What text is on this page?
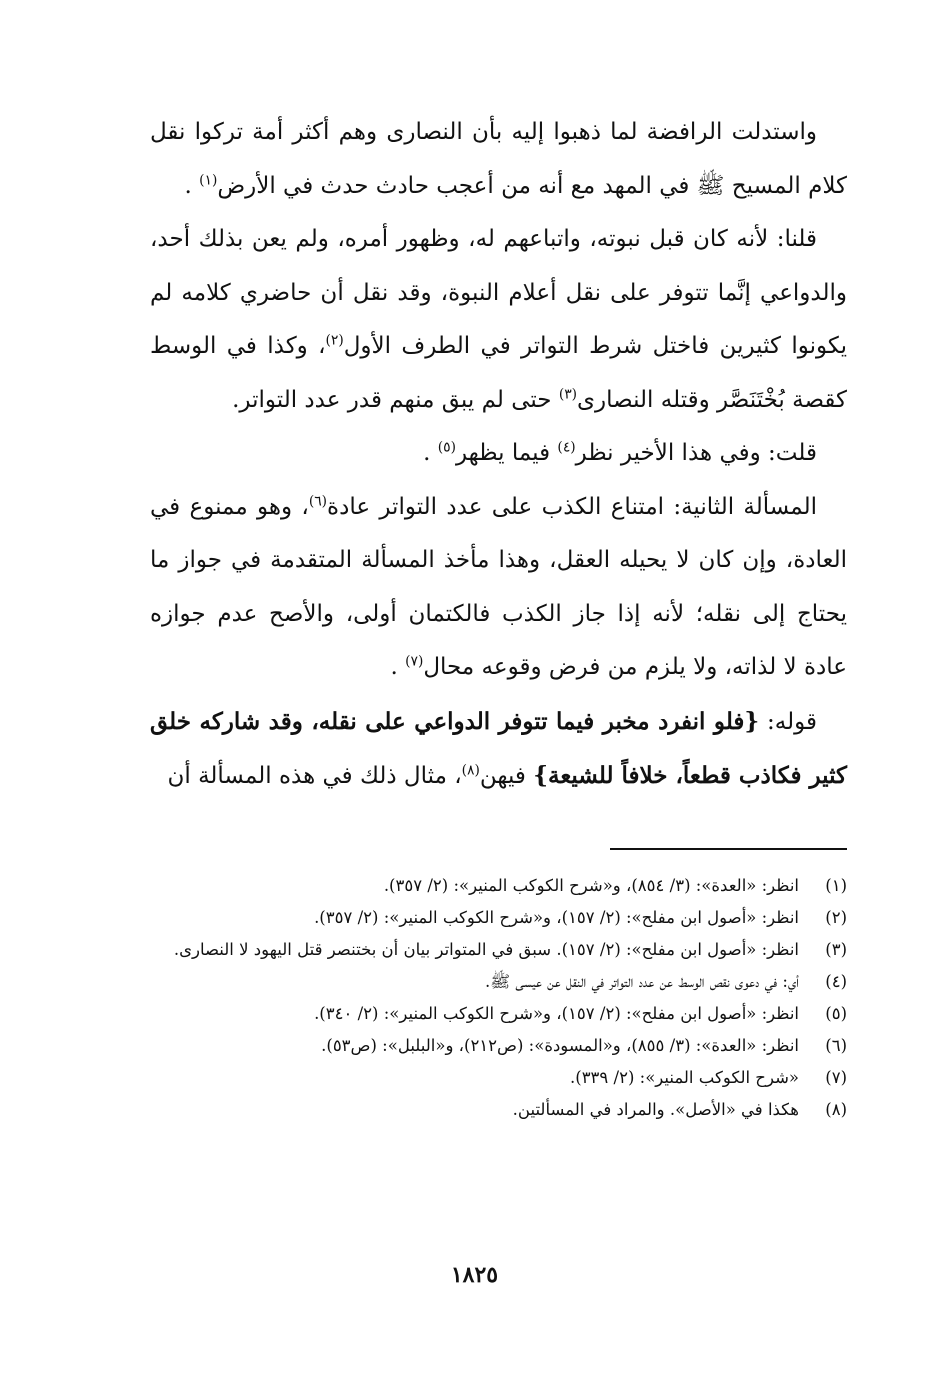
واستدلت الرافضة لما ذهبوا إليه بأن النصارى وهم أكثر أمة تركوا نقل كلام المسيح ﷺ في المهد مع أنه من أعجب حادث حدث في الأرض$^{(١)}$ .

قلنا: لأنه كان قبل نبوته، واتباعهم له، وظهور أمره، ولم يعن بذلك أحد، والدواعي إنَّما تتوفر على نقل أعلام النبوة، وقد نقل أن حاضري كلامه لم يكونوا كثيرين فاختل شرط التواتر في الطرف الأول$^{(٢)}$، وكذا في الوسط كقصة بُخْتَنَصَّر وقتله النصارى$^{(٣)}$ حتى لم يبق منهم قدر عدد التواتر.

قلت: وفي هذا الأخير نظر$^{(٤)}$ فيما يظهر$^{(٥)}$ .

المسألة الثانية: امتناع الكذب على عدد التواتر عادة$^{(٦)}$، وهو ممنوع في العادة، وإن كان لا يحيله العقل، وهذا مأخذ المسألة المتقدمة في جواز ما يحتاج إلى نقله؛ لأنه إذا جاز الكذب فالكتمان أولى، والأصح عدم جوازه عادة لا لذاته، ولا يلزم من فرض وقوعه محال$^{(٧)}$ .

قوله: {فلو انفرد مخبر فيما تتوفر الدواعي على نقله، وقد شاركه خلق كثير فكاذب قطعاً، خلافاً للشيعة} فيهن$^{(٨)}$، مثال ذلك في هذه المسألة أن

(١)
انظر: «العدة»: (٣/ ٨٥٤)، و«شرح الكوكب المنير»: (٢/ ٣٥٧).
(٢)
انظر: «أصول ابن مفلح»: (٢/ ١٥٧)، و«شرح الكوكب المنير»: (٢/ ٣٥٧).
(٣)
انظر: «أصول ابن مفلح»: (٢/ ١٥٧). سبق في المتواتر بيان أن بختنصر قتل اليهود لا النصارى.
(٤)
أي: في دعوى نقص الوسط عن عدد التواتر في النقل عن عيسى ﷺ.
(٥)
انظر: «أصول ابن مفلح»: (٢/ ١٥٧)، و«شرح الكوكب المنير»: (٢/ ٣٤٠).
(٦)
انظر: «العدة»: (٣/ ٨٥٥)، و«المسودة»: (ص٢١٢)، و«البلبل»: (ص٥٣).
(٧)
«شرح الكوكب المنير»: (٢/ ٣٣٩).
(٨)
هكذا في «الأصل». والمراد في المسألتين.
١٨٢٥
